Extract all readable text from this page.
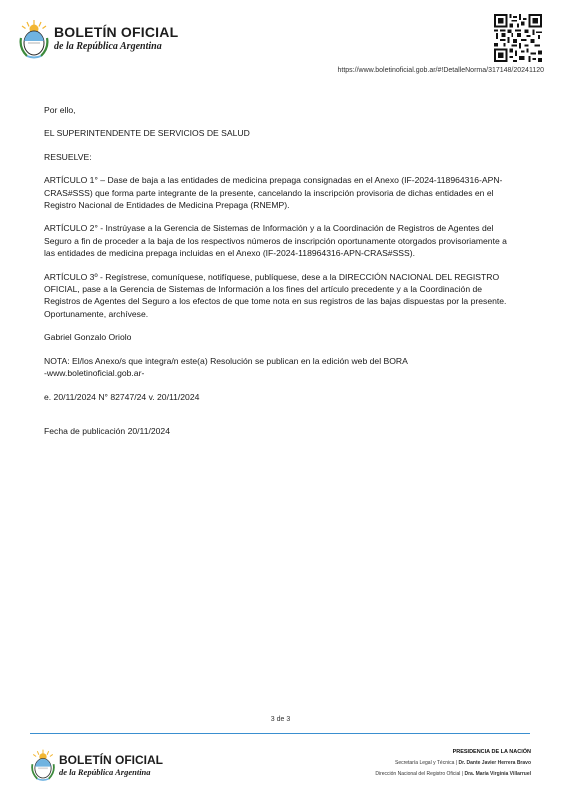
BOLETÍN OFICIAL
de la República Argentina
https://www.boletinoficial.gob.ar/#!DetalleNorma/317148/20241120

Por ello,

EL SUPERINTENDENTE DE SERVICIOS DE SALUD

RESUELVE:

ARTÍCULO 1° – Dase de baja a las entidades de medicina prepaga consignadas en el Anexo (IF-2024-118964316-APN-CRAS#SSS) que forma parte integrante de la presente, cancelando la inscripción provisoria de dichas entidades en el Registro Nacional de Entidades de Medicina Prepaga (RNEMP).

ARTÍCULO 2° - Instrúyase a la Gerencia de Sistemas de Información y a la Coordinación de Registros de Agentes del Seguro a fin de proceder a la baja de los respectivos números de inscripción oportunamente otorgados provisoriamente a las entidades de medicina prepaga incluidas en el Anexo (IF-2024-118964316-APN-CRAS#SSS).

ARTÍCULO 3º - Regístrese, comuníquese, notifíquese, publíquese, dese a la DIRECCIÓN NACIONAL DEL REGISTRO OFICIAL, pase a la Gerencia de Sistemas de Información a los fines del artículo precedente y a la Coordinación de Registros de Agentes del Seguro a los efectos de que tome nota en sus registros de las bajas dispuestas por la presente. Oportunamente, archívese.

Gabriel Gonzalo Oriolo

NOTA: El/los Anexo/s que integra/n este(a) Resolución se publican en la edición web del BORA
-www.boletinoficial.gob.ar-

e. 20/11/2024 N° 82747/24 v. 20/11/2024

Fecha de publicación 20/11/2024

3 de 3
BOLETÍN OFICIAL
de la República Argentina
PRESIDENCIA DE LA NACIÓN
Secretaría Legal y Técnica | Dr. Dante Javier Herrera Bravo
Dirección Nacional del Registro Oficial | Dra. María Virginia Villarruel
